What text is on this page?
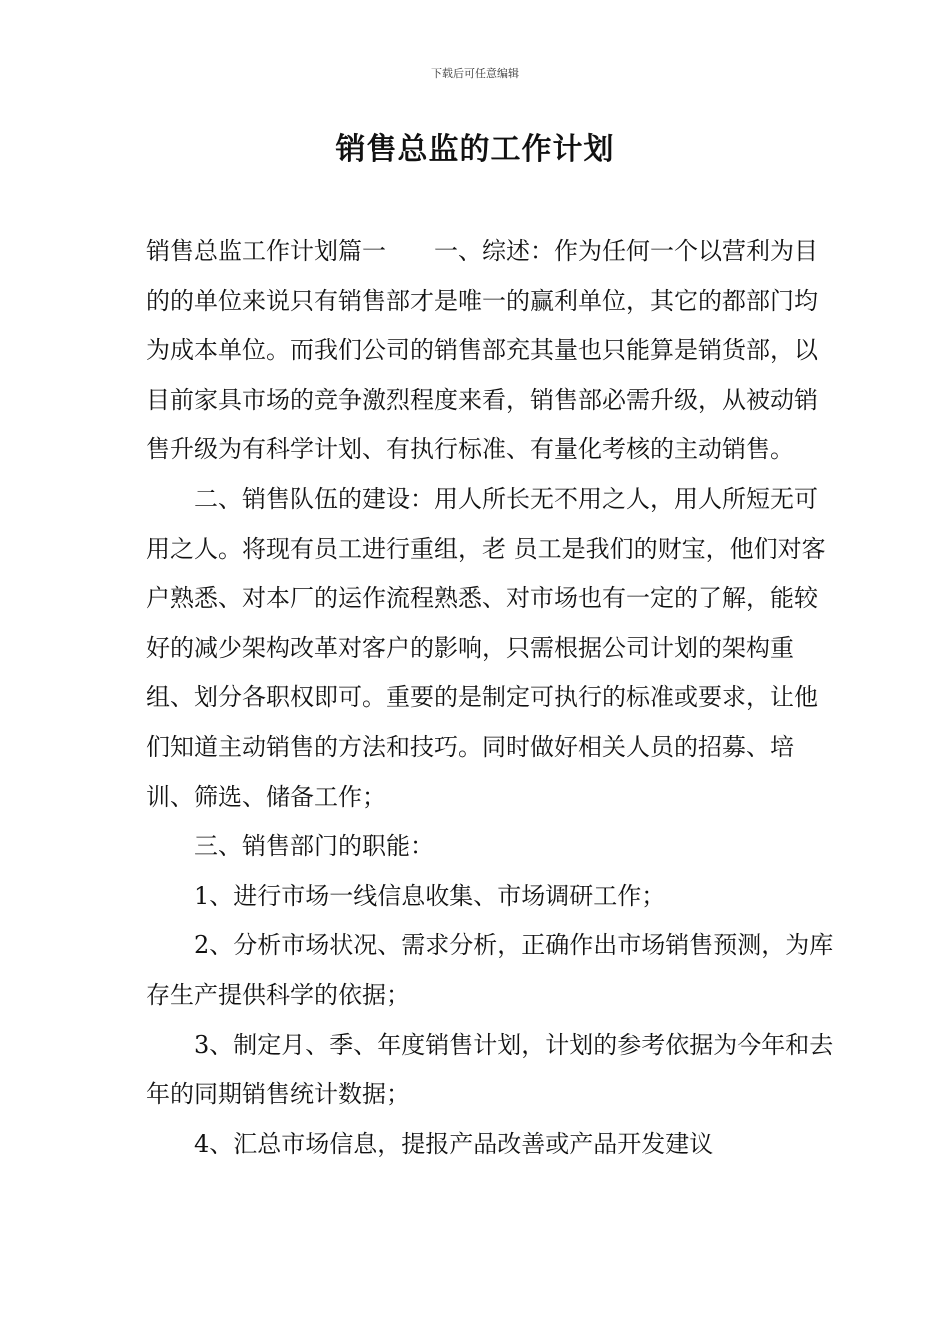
下载后可任意编辑
销售总监的工作计划

销售总监工作计划篇一　　一、综述：作为任何一个以营利为目的的单位来说只有销售部才是唯一的赢利单位，其它的都部门均为成本单位。而我们公司的销售部充其量也只能算是销货部，以目前家具市场的竞争激烈程度来看，销售部必需升级，从被动销售升级为有科学计划、有执行标准、有量化考核的主动销售。

二、销售队伍的建设：用人所长无不用之人，用人所短无可用之人。将现有员工进行重组，老 员工是我们的财宝，他们对客户熟悉、对本厂的运作流程熟悉、对市场也有一定的了解，能较好的减少架构改革对客户的影响，只需根据公司计划的架构重组、划分各职权即可。重要的是制定可执行的标准或要求，让他们知道主动销售的方法和技巧。同时做好相关人员的招募、培训、筛选、储备工作；

三、销售部门的职能：

1、进行市场一线信息收集、市场调研工作；

2、分析市场状况、需求分析，正确作出市场销售预测，为库存生产提供科学的依据；

3、制定月、季、年度销售计划，计划的参考依据为今年和去年的同期销售统计数据；

4、汇总市场信息，提报产品改善或产品开发建议
